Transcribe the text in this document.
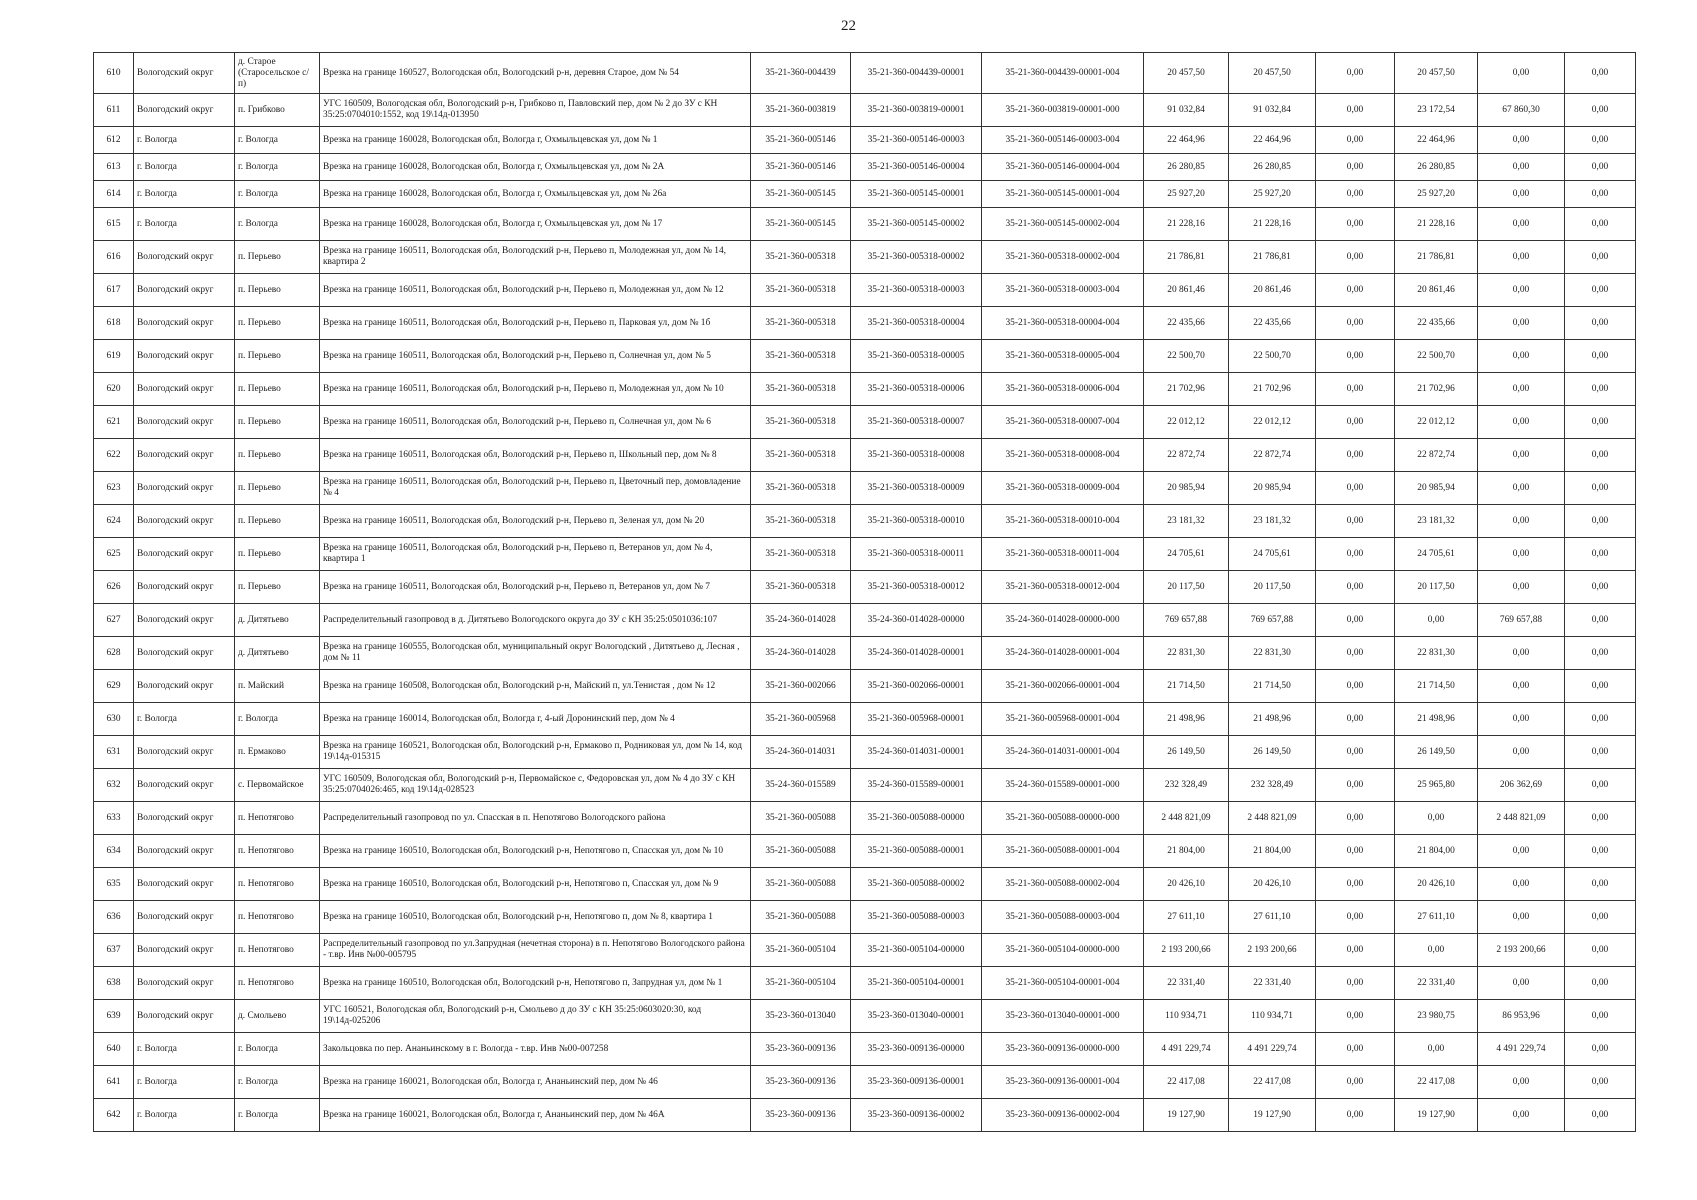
22
610	Вологодский округ	д. Старое (Старосельское с/п)	Врезка на границе 160527, Вологодская обл, Вологодский р-н, деревня Старое, дом № 54	35-21-360-004439	35-21-360-004439-00001	35-21-360-004439-00001-004	20 457,50	20 457,50	0,00	20 457,50	0,00	0,00
611	Вологодский округ	п. Грибково	УГС 160509, Вологодская обл, Вологодский р-н, Грибково п, Павловский пер, дом № 2 до ЗУ с КН 35:25:0704010:1552, код 19\14д-013950	35-21-360-003819	35-21-360-003819-00001	35-21-360-003819-00001-000	91 032,84	91 032,84	0,00	23 172,54	67 860,30	0,00
612	г. Вологда	г. Вологда	Врезка на границе 160028, Вологодская обл, Вологда г, Охмыльцевская ул, дом № 1	35-21-360-005146	35-21-360-005146-00003	35-21-360-005146-00003-004	22 464,96	22 464,96	0,00	22 464,96	0,00	0,00
613	г. Вологда	г. Вологда	Врезка на границе 160028, Вологодская обл, Вологда г, Охмыльцевская ул, дом № 2А	35-21-360-005146	35-21-360-005146-00004	35-21-360-005146-00004-004	26 280,85	26 280,85	0,00	26 280,85	0,00	0,00
614	г. Вологда	г. Вологда	Врезка на границе 160028, Вологодская обл, Вологда г, Охмыльцевская ул, дом № 26а	35-21-360-005145	35-21-360-005145-00001	35-21-360-005145-00001-004	25 927,20	25 927,20	0,00	25 927,20	0,00	0,00
615	г. Вологда	г. Вологда	Врезка на границе 160028, Вологодская обл, Вологда г, Охмыльцевская ул, дом № 17	35-21-360-005145	35-21-360-005145-00002	35-21-360-005145-00002-004	21 228,16	21 228,16	0,00	21 228,16	0,00	0,00
616	Вологодский округ	п. Перьево	Врезка на границе 160511, Вологодская обл, Вологодский р-н, Перьево п, Молодежная ул, дом № 14, квартира 2	35-21-360-005318	35-21-360-005318-00002	35-21-360-005318-00002-004	21 786,81	21 786,81	0,00	21 786,81	0,00	0,00
617	Вологодский округ	п. Перьево	Врезка на границе 160511, Вологодская обл, Вологодский р-н, Перьево п, Молодежная ул, дом № 12	35-21-360-005318	35-21-360-005318-00003	35-21-360-005318-00003-004	20 861,46	20 861,46	0,00	20 861,46	0,00	0,00
618	Вологодский округ	п. Перьево	Врезка на границе 160511, Вологодская обл, Вологодский р-н, Перьево п, Парковая ул, дом № 1б	35-21-360-005318	35-21-360-005318-00004	35-21-360-005318-00004-004	22 435,66	22 435,66	0,00	22 435,66	0,00	0,00
619	Вологодский округ	п. Перьево	Врезка на границе 160511, Вологодская обл, Вологодский р-н, Перьево п, Солнечная ул, дом № 5	35-21-360-005318	35-21-360-005318-00005	35-21-360-005318-00005-004	22 500,70	22 500,70	0,00	22 500,70	0,00	0,00
620	Вологодский округ	п. Перьево	Врезка на границе 160511, Вологодская обл, Вологодский р-н, Перьево п, Молодежная ул, дом № 10	35-21-360-005318	35-21-360-005318-00006	35-21-360-005318-00006-004	21 702,96	21 702,96	0,00	21 702,96	0,00	0,00
621	Вологодский округ	п. Перьево	Врезка на границе 160511, Вологодская обл, Вологодский р-н, Перьево п, Солнечная ул, дом № 6	35-21-360-005318	35-21-360-005318-00007	35-21-360-005318-00007-004	22 012,12	22 012,12	0,00	22 012,12	0,00	0,00
622	Вологодский округ	п. Перьево	Врезка на границе 160511, Вологодская обл, Вологодский р-н, Перьево п, Школьный пер, дом № 8	35-21-360-005318	35-21-360-005318-00008	35-21-360-005318-00008-004	22 872,74	22 872,74	0,00	22 872,74	0,00	0,00
623	Вологодский округ	п. Перьево	Врезка на границе 160511, Вологодская обл, Вологодский р-н, Перьево п, Цветочный пер, домовладение № 4	35-21-360-005318	35-21-360-005318-00009	35-21-360-005318-00009-004	20 985,94	20 985,94	0,00	20 985,94	0,00	0,00
624	Вологодский округ	п. Перьево	Врезка на границе 160511, Вологодская обл, Вологодский р-н, Перьево п, Зеленая ул, дом № 20	35-21-360-005318	35-21-360-005318-00010	35-21-360-005318-00010-004	23 181,32	23 181,32	0,00	23 181,32	0,00	0,00
625	Вологодский округ	п. Перьево	Врезка на границе 160511, Вологодская обл, Вологодский р-н, Перьево п, Ветеранов ул, дом № 4, квартира 1	35-21-360-005318	35-21-360-005318-00011	35-21-360-005318-00011-004	24 705,61	24 705,61	0,00	24 705,61	0,00	0,00
626	Вологодский округ	п. Перьево	Врезка на границе 160511, Вологодская обл, Вологодский р-н, Перьево п, Ветеранов ул, дом № 7	35-21-360-005318	35-21-360-005318-00012	35-21-360-005318-00012-004	20 117,50	20 117,50	0,00	20 117,50	0,00	0,00
627	Вологодский округ	д. Дитятьево	Распределительный газопровод в д. Дитятьево Вологодского округа до ЗУ с КН 35:25:0501036:107	35-24-360-014028	35-24-360-014028-00000	35-24-360-014028-00000-000	769 657,88	769 657,88	0,00	0,00	769 657,88	0,00
628	Вологодский округ	д. Дитятьево	Врезка на границе 160555, Вологодская обл, муниципальный округ Вологодский , Дитятьево д, Лесная , дом № 11	35-24-360-014028	35-24-360-014028-00001	35-24-360-014028-00001-004	22 831,30	22 831,30	0,00	22 831,30	0,00	0,00
629	Вологодский округ	п. Майский	Врезка на границе 160508, Вологодская обл, Вологодский р-н, Майский п, ул.Тенистая , дом № 12	35-21-360-002066	35-21-360-002066-00001	35-21-360-002066-00001-004	21 714,50	21 714,50	0,00	21 714,50	0,00	0,00
630	г. Вологда	г. Вологда	Врезка на границе 160014, Вологодская обл, Вологда г, 4-ый Доронинский пер, дом № 4	35-21-360-005968	35-21-360-005968-00001	35-21-360-005968-00001-004	21 498,96	21 498,96	0,00	21 498,96	0,00	0,00
631	Вологодский округ	п. Ермаково	Врезка на границе 160521, Вологодская обл, Вологодский р-н, Ермаково п, Родниковая ул, дом № 14, код 19\14д-015315	35-24-360-014031	35-24-360-014031-00001	35-24-360-014031-00001-004	26 149,50	26 149,50	0,00	26 149,50	0,00	0,00
632	Вологодский округ	с. Первомайское	УГС 160509, Вологодская обл, Вологодский р-н, Первомайское с, Федоровская ул, дом № 4 до ЗУ с КН 35:25:0704026:465, код 19\14д-028523	35-24-360-015589	35-24-360-015589-00001	35-24-360-015589-00001-000	232 328,49	232 328,49	0,00	25 965,80	206 362,69	0,00
633	Вологодский округ	п. Непотягово	Распределительный газопровод по ул. Спасская в п. Непотягово Вологодского района	35-21-360-005088	35-21-360-005088-00000	35-21-360-005088-00000-000	2 448 821,09	2 448 821,09	0,00	0,00	2 448 821,09	0,00
634	Вологодский округ	п. Непотягово	Врезка на границе 160510, Вологодская обл, Вологодский р-н, Непотягово п, Спасская ул, дом № 10	35-21-360-005088	35-21-360-005088-00001	35-21-360-005088-00001-004	21 804,00	21 804,00	0,00	21 804,00	0,00	0,00
635	Вологодский округ	п. Непотягово	Врезка на границе 160510, Вологодская обл, Вологодский р-н, Непотягово п, Спасская ул, дом № 9	35-21-360-005088	35-21-360-005088-00002	35-21-360-005088-00002-004	20 426,10	20 426,10	0,00	20 426,10	0,00	0,00
636	Вологодский округ	п. Непотягово	Врезка на границе 160510, Вологодская обл, Вологодский р-н, Непотягово п, дом № 8, квартира 1	35-21-360-005088	35-21-360-005088-00003	35-21-360-005088-00003-004	27 611,10	27 611,10	0,00	27 611,10	0,00	0,00
637	Вологодский округ	п. Непотягово	Распределительный газопровод по ул.Запрудная (нечетная сторона) в п. Непотягово Вологодского района - т.вр. Инв №00-005795	35-21-360-005104	35-21-360-005104-00000	35-21-360-005104-00000-000	2 193 200,66	2 193 200,66	0,00	0,00	2 193 200,66	0,00
638	Вологодский округ	п. Непотягово	Врезка на границе 160510, Вологодская обл, Вологодский р-н, Непотягово п, Запрудная ул, дом № 1	35-21-360-005104	35-21-360-005104-00001	35-21-360-005104-00001-004	22 331,40	22 331,40	0,00	22 331,40	0,00	0,00
639	Вологодский округ	д. Смольево	УГС 160521, Вологодская обл, Вологодский р-н, Смольево д до ЗУ с КН 35:25:0603020:30, код 19\14д-025206	35-23-360-013040	35-23-360-013040-00001	35-23-360-013040-00001-000	110 934,71	110 934,71	0,00	23 980,75	86 953,96	0,00
640	г. Вологда	г. Вологда	Закольцовка по пер. Ананьинскому в г. Вологда - т.вр. Инв №00-007258	35-23-360-009136	35-23-360-009136-00000	35-23-360-009136-00000-000	4 491 229,74	4 491 229,74	0,00	0,00	4 491 229,74	0,00
641	г. Вологда	г. Вологда	Врезка на границе 160021, Вологодская обл, Вологда г, Ананьинский пер, дом № 46	35-23-360-009136	35-23-360-009136-00001	35-23-360-009136-00001-004	22 417,08	22 417,08	0,00	22 417,08	0,00	0,00
642	г. Вологда	г. Вологда	Врезка на границе 160021, Вологодская обл, Вологда г, Ананьинский пер, дом № 46А	35-23-360-009136	35-23-360-009136-00002	35-23-360-009136-00002-004	19 127,90	19 127,90	0,00	19 127,90	0,00	0,00
